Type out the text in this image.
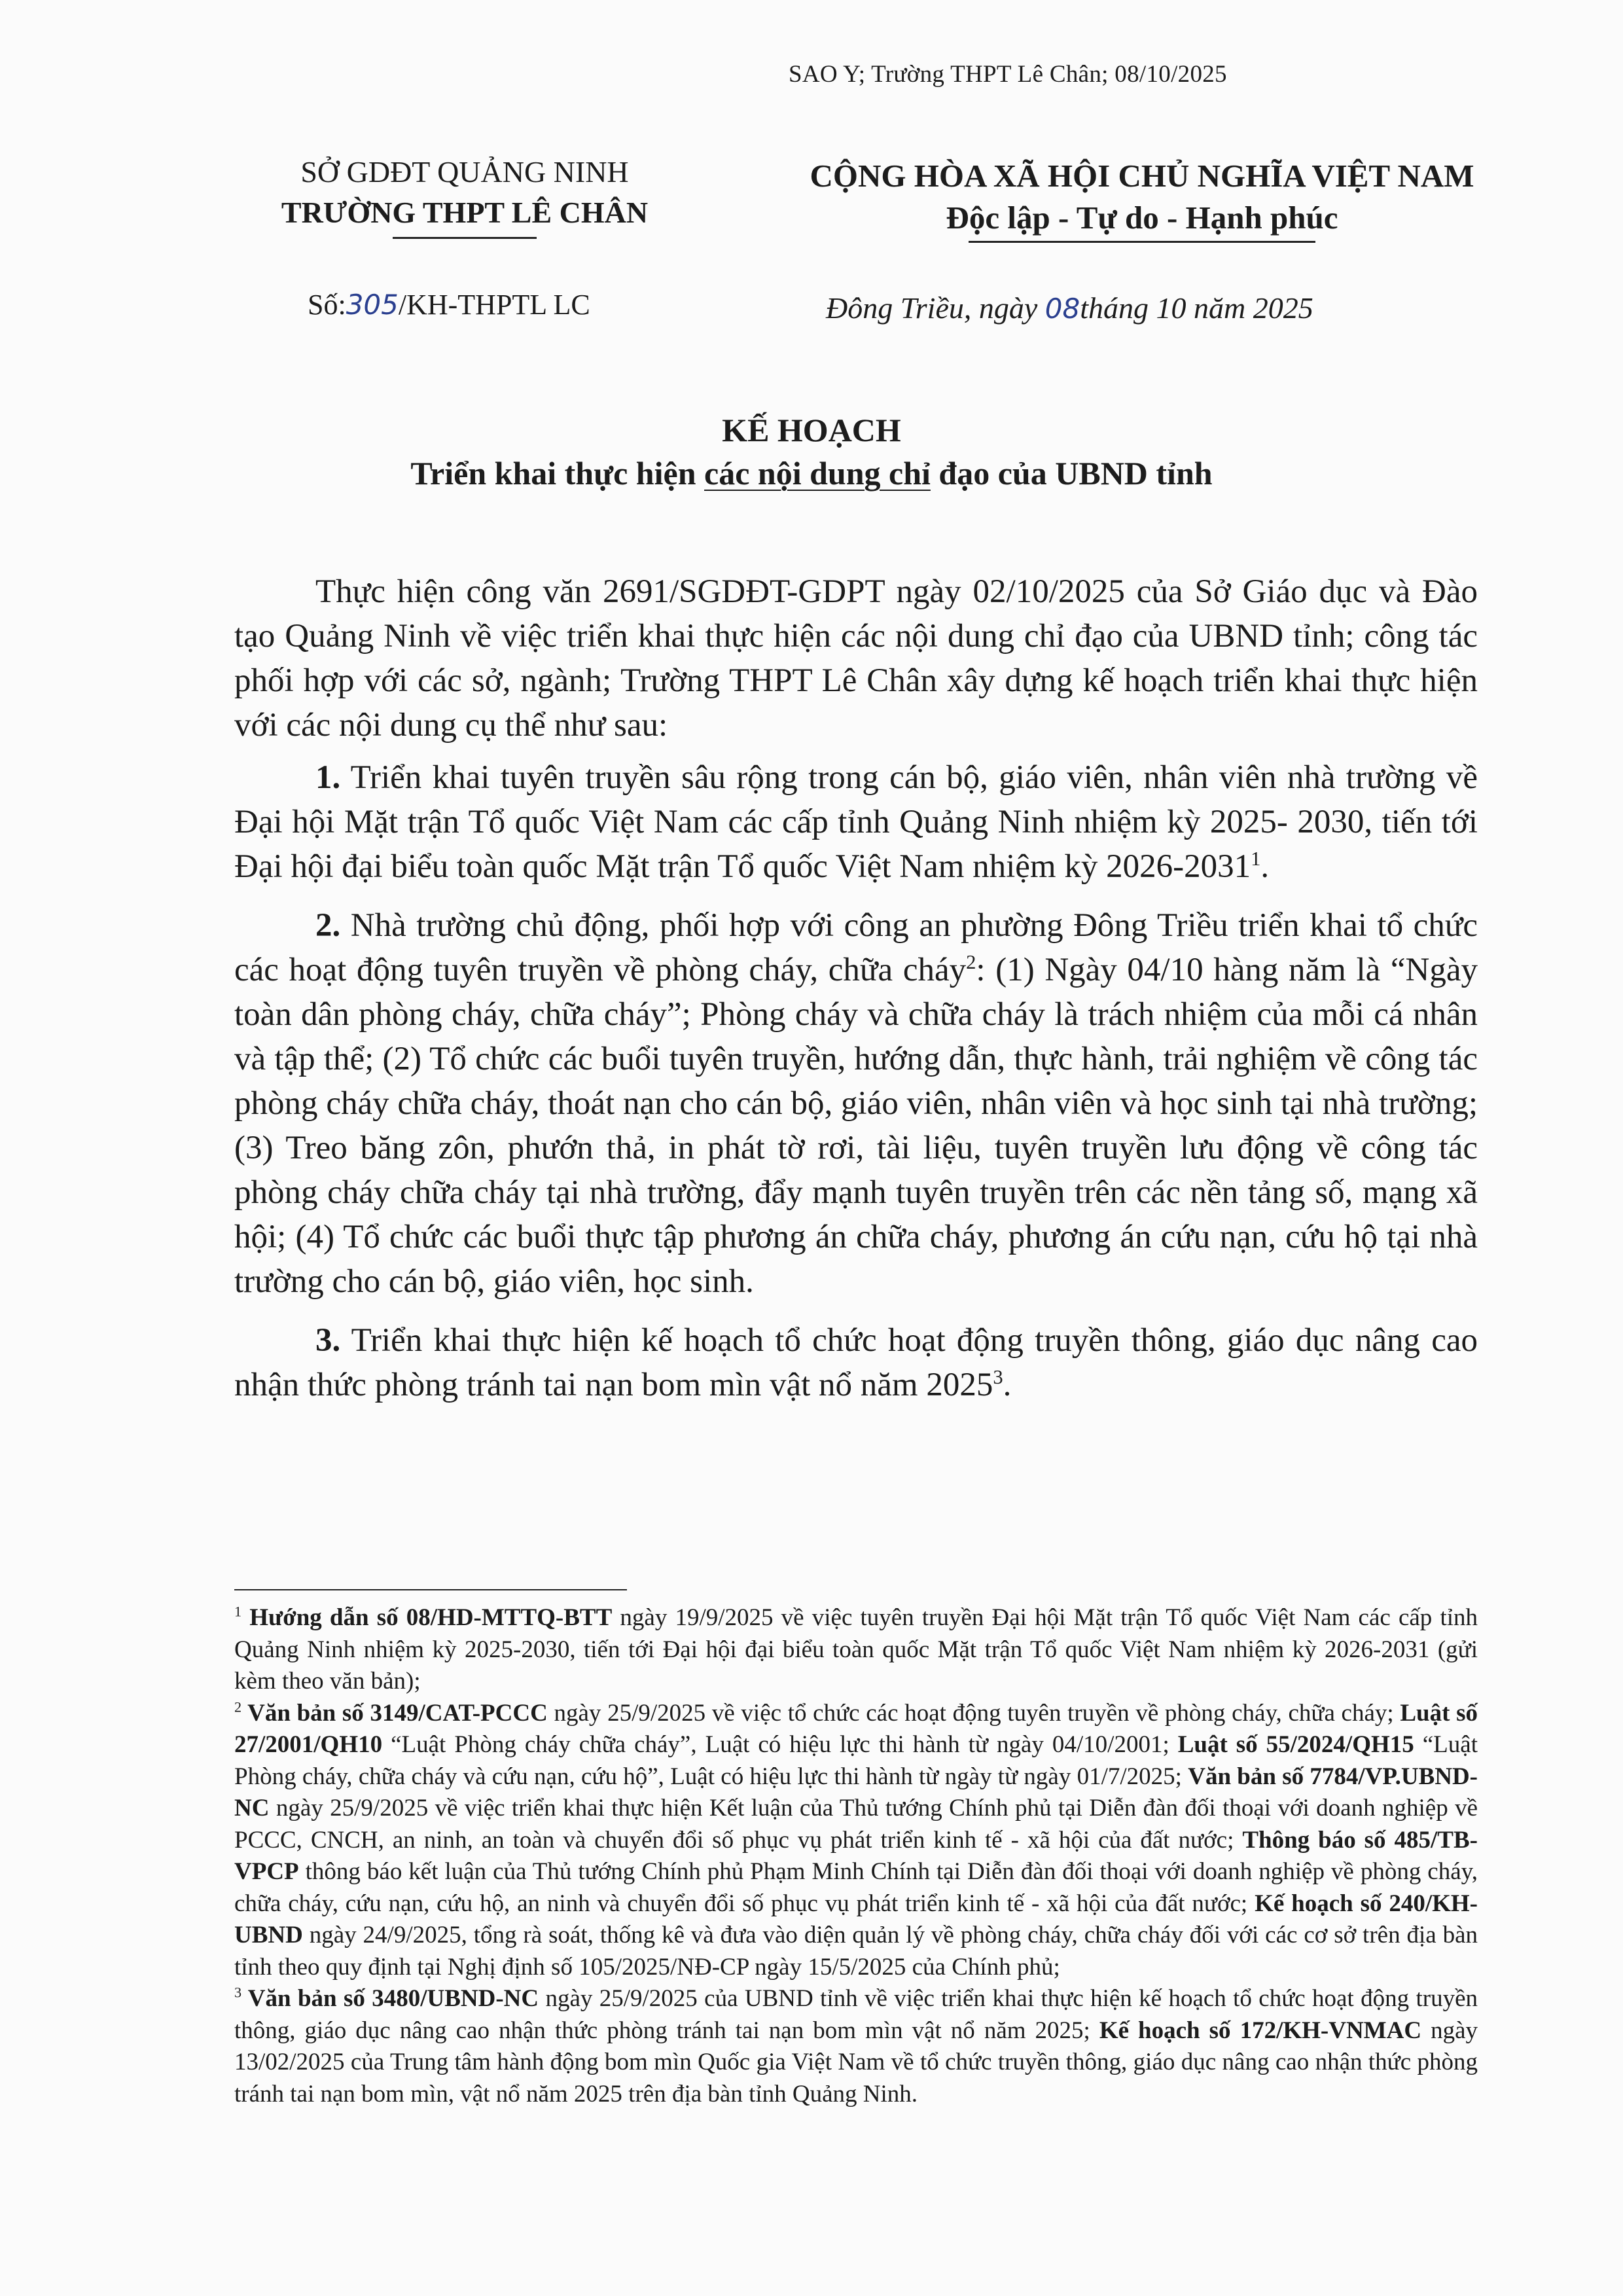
SAO Y; Trường THPT Lê Chân; 08/10/2025
SỞ GDĐT QUẢNG NINH
TRƯỜNG THPT LÊ CHÂN
CỘNG HÒA XÃ HỘI CHỦ NGHĨA VIỆT NAM
Độc lập - Tự do - Hạnh phúc
Số:305/KH-THPTL LC	Đông Triều, ngày 08tháng 10 năm 2025
KẾ HOẠCH
Triển khai thực hiện các nội dung chỉ đạo của UBND tỉnh

Thực hiện công văn 2691/SGDĐT-GDPT ngày 02/10/2025 của Sở Giáo dục và Đào tạo Quảng Ninh về việc triển khai thực hiện các nội dung chỉ đạo của UBND tỉnh; công tác phối hợp với các sở, ngành; Trường THPT Lê Chân xây dựng kế hoạch triển khai thực hiện với các nội dung cụ thể như sau:

1. Triển khai tuyên truyền sâu rộng trong cán bộ, giáo viên, nhân viên nhà trường về Đại hội Mặt trận Tổ quốc Việt Nam các cấp tỉnh Quảng Ninh nhiệm kỳ 2025- 2030, tiến tới Đại hội đại biểu toàn quốc Mặt trận Tổ quốc Việt Nam nhiệm kỳ 2026-2031$^1$.

2. Nhà trường chủ động, phối hợp với công an phường Đông Triều triển khai tổ chức các hoạt động tuyên truyền về phòng cháy, chữa cháy$^2$: (1) Ngày 04/10 hàng năm là “Ngày toàn dân phòng cháy, chữa cháy”; Phòng cháy và chữa cháy là trách nhiệm của mỗi cá nhân và tập thể; (2) Tổ chức các buổi tuyên truyền, hướng dẫn, thực hành, trải nghiệm về công tác phòng cháy chữa cháy, thoát nạn cho cán bộ, giáo viên, nhân viên và học sinh tại nhà trường; (3) Treo băng zôn, phướn thả, in phát tờ rơi, tài liệu, tuyên truyền lưu động về công tác phòng cháy chữa cháy tại nhà trường, đẩy mạnh tuyên truyền trên các nền tảng số, mạng xã hội; (4) Tổ chức các buổi thực tập phương án chữa cháy, phương án cứu nạn, cứu hộ tại nhà trường cho cán bộ, giáo viên, học sinh.

3. Triển khai thực hiện kế hoạch tổ chức hoạt động truyền thông, giáo dục nâng cao nhận thức phòng tránh tai nạn bom mìn vật nổ năm 2025$^3$.

$^1$ Hướng dẫn số 08/HD-MTTQ-BTT ngày 19/9/2025 về việc tuyên truyền Đại hội Mặt trận Tổ quốc Việt Nam các cấp tỉnh Quảng Ninh nhiệm kỳ 2025-2030, tiến tới Đại hội đại biểu toàn quốc Mặt trận Tổ quốc Việt Nam nhiệm kỳ 2026-2031 (gửi kèm theo văn bản);

$^2$ Văn bản số 3149/CAT-PCCC ngày 25/9/2025 về việc tổ chức các hoạt động tuyên truyền về phòng cháy, chữa cháy; Luật số 27/2001/QH10 “Luật Phòng cháy chữa cháy”, Luật có hiệu lực thi hành từ ngày 04/10/2001; Luật số 55/2024/QH15 “Luật Phòng cháy, chữa cháy và cứu nạn, cứu hộ”, Luật có hiệu lực thi hành từ ngày từ ngày 01/7/2025; Văn bản số 7784/VP.UBND-NC ngày 25/9/2025 về việc triển khai thực hiện Kết luận của Thủ tướng Chính phủ tại Diễn đàn đối thoại với doanh nghiệp về PCCC, CNCH, an ninh, an toàn và chuyển đổi số phục vụ phát triển kinh tế - xã hội của đất nước; Thông báo số 485/TB-VPCP thông báo kết luận của Thủ tướng Chính phủ Phạm Minh Chính tại Diễn đàn đối thoại với doanh nghiệp về phòng cháy, chữa cháy, cứu nạn, cứu hộ, an ninh và chuyển đổi số phục vụ phát triển kinh tế - xã hội của đất nước; Kế hoạch số 240/KH-UBND ngày 24/9/2025, tổng rà soát, thống kê và đưa vào diện quản lý về phòng cháy, chữa cháy đối với các cơ sở trên địa bàn tỉnh theo quy định tại Nghị định số 105/2025/NĐ-CP ngày 15/5/2025 của Chính phủ;

$^3$ Văn bản số 3480/UBND-NC ngày 25/9/2025 của UBND tỉnh về việc triển khai thực hiện kế hoạch tổ chức hoạt động truyền thông, giáo dục nâng cao nhận thức phòng tránh tai nạn bom mìn vật nổ năm 2025; Kế hoạch số 172/KH-VNMAC ngày 13/02/2025 của Trung tâm hành động bom mìn Quốc gia Việt Nam về tổ chức truyền thông, giáo dục nâng cao nhận thức phòng tránh tai nạn bom mìn, vật nổ năm 2025 trên địa bàn tỉnh Quảng Ninh.
